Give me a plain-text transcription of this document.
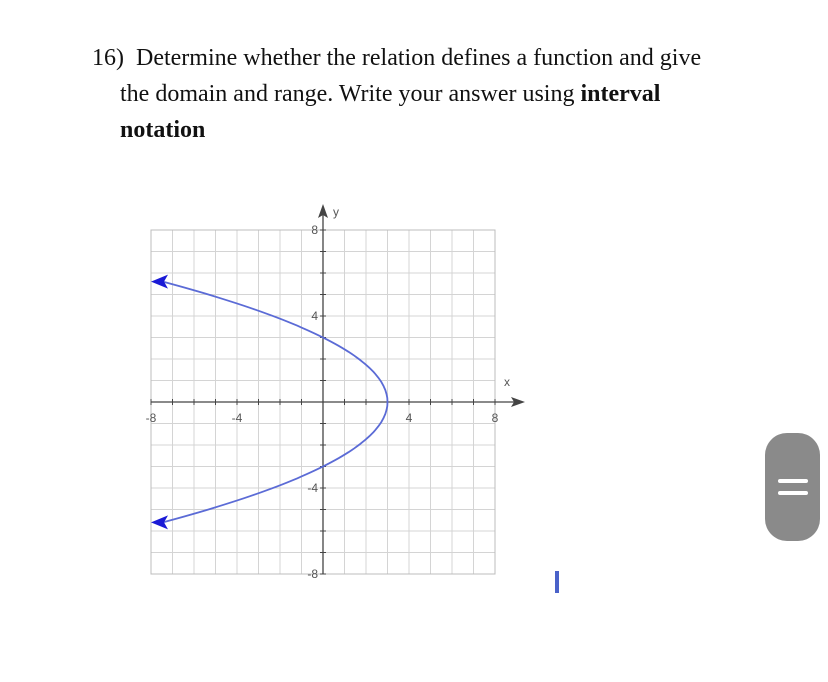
16) Determine whether the relation defines a function and give
the domain and range. Write your answer using interval
notation
x
y
-8	-4	4	8
8
4
-4
-8
